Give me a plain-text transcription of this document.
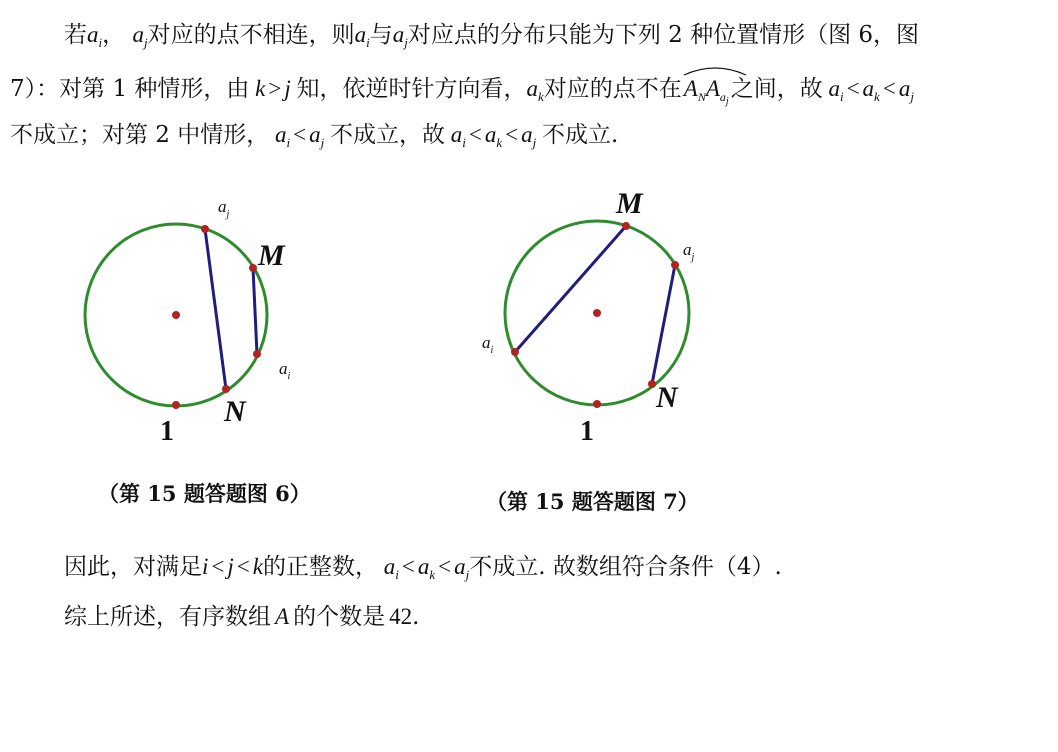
若$a_i$， $a_j$对应的点不相连，则$a_i$与$a_j$对应点的分布只能为下列 2 种位置情形（图 6，图
7）：对第 1 种情形，由 k > j 知，依逆时针方向看，$a_k$对应的点不在
$A_NA_{a_j}$之间，故 $a_i < a_k < a_j$
不成立；对第 2 中情形， $a_i < a_j$ 不成立，故 $a_i < a_k < a_j$ 不成立.
$a_j$
M
$a_i$
N
1
M
$a_j$
$a_i$
N
1
（第 15 题答题图 6）	（第 15 题答题图 7）
因此，对满足i < j < k的正整数， $a_i < a_k < a_j$不成立. 故数组符合条件（4）.
综上所述，有序数组 A 的个数是 42.
